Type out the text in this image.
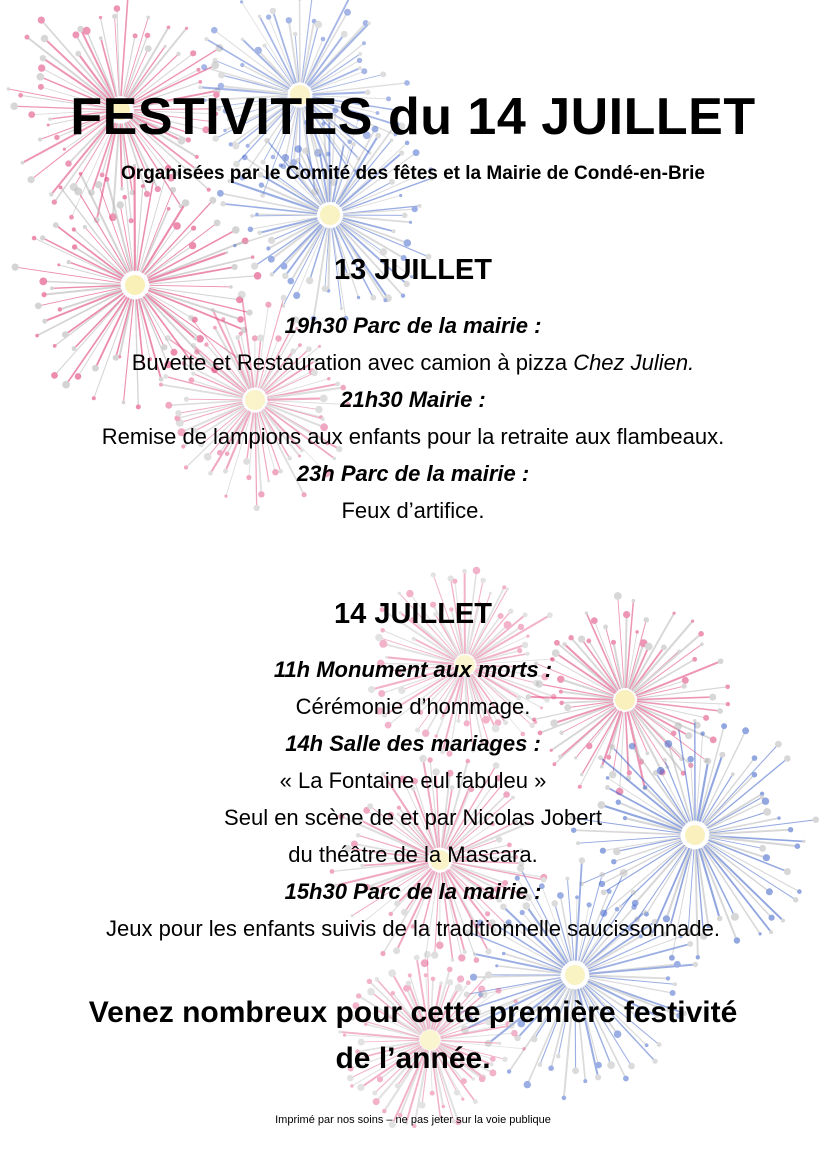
FESTIVITES du 14 JUILLET
Organisées par le Comité des fêtes et la Mairie de Condé-en-Brie
13 JUILLET
19h30 Parc de la mairie :
Buvette et Restauration avec camion à pizza Chez Julien.
21h30 Mairie :
Remise de lampions aux enfants pour la retraite aux flambeaux.
23h Parc de la mairie :
Feux d’artifice.
14 JUILLET
11h Monument aux morts :
Cérémonie d’hommage.
14h Salle des mariages :
« La Fontaine eul fabuleu »
Seul en scène de et par Nicolas Jobert
du théâtre de la Mascara.
15h30 Parc de la mairie :
Jeux pour les enfants suivis de la traditionnelle saucissonnade.
Venez nombreux pour cette première festivité
de l’année.
Imprimé par nos soins – ne pas jeter sur la voie publique
